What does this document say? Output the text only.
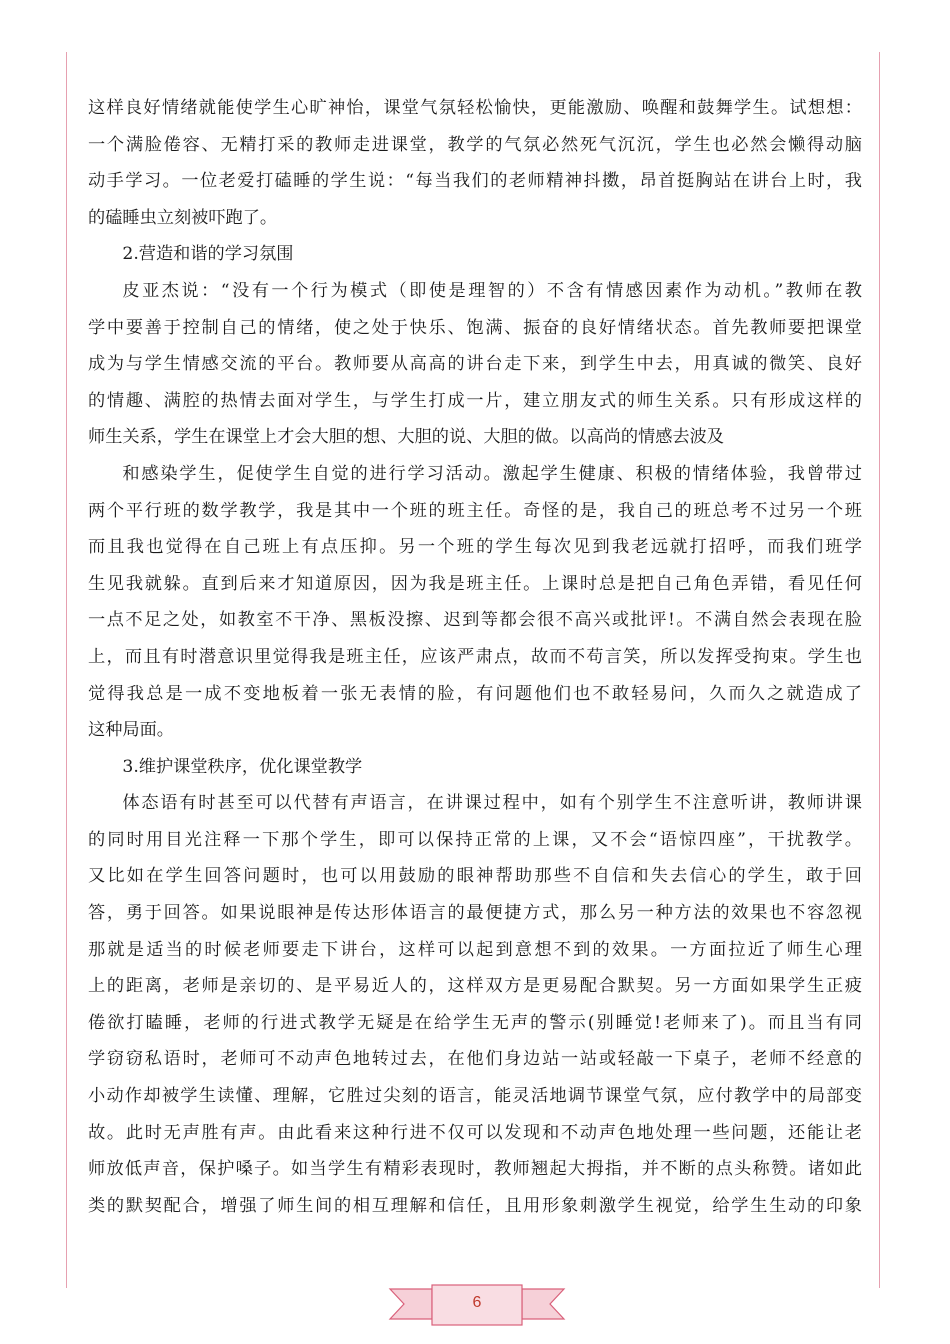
这样良好情绪就能使学生心旷神怡，课堂气氛轻松愉快，更能激励、唤醒和鼓舞学生。试想想：

一个满脸倦容、无精打采的教师走进课堂，教学的气氛必然死气沉沉，学生也必然会懒得动脑

动手学习。一位老爱打磕睡的学生说：“每当我们的老师精神抖擞，昂首挺胸站在讲台上时，我

的磕睡虫立刻被吓跑了。

2.营造和谐的学习氛围

皮亚杰说：“没有一个行为模式（即使是理智的）不含有情感因素作为动机。”教师在教

学中要善于控制自己的情绪，使之处于快乐、饱满、振奋的良好情绪状态。首先教师要把课堂

成为与学生情感交流的平台。教师要从高高的讲台走下来，到学生中去，用真诚的微笑、良好

的情趣、满腔的热情去面对学生，与学生打成一片，建立朋友式的师生关系。只有形成这样的

师生关系，学生在课堂上才会大胆的想、大胆的说、大胆的做。以高尚的情感去波及

和感染学生，促使学生自觉的进行学习活动。激起学生健康、积极的情绪体验，我曾带过

两个平行班的数学教学，我是其中一个班的班主任。奇怪的是，我自己的班总考不过另一个班

而且我也觉得在自己班上有点压抑。另一个班的学生每次见到我老远就打招呼，而我们班学

生见我就躲。直到后来才知道原因，因为我是班主任。上课时总是把自己角色弄错，看见任何

一点不足之处，如教室不干净、黑板没擦、迟到等都会很不高兴或批评!。不满自然会表现在脸

上，而且有时潜意识里觉得我是班主任，应该严肃点，故而不苟言笑，所以发挥受拘束。学生也

觉得我总是一成不变地板着一张无表情的脸，有问题他们也不敢轻易问，久而久之就造成了

这种局面。

3.维护课堂秩序，优化课堂教学

体态语有时甚至可以代替有声语言，在讲课过程中，如有个别学生不注意听讲，教师讲课

的同时用目光注释一下那个学生，即可以保持正常的上课，又不会“语惊四座”，干扰教学。

又比如在学生回答问题时，也可以用鼓励的眼神帮助那些不自信和失去信心的学生，敢于回

答，勇于回答。如果说眼神是传达形体语言的最便捷方式，那么另一种方法的效果也不容忽视

那就是适当的时候老师要走下讲台，这样可以起到意想不到的效果。一方面拉近了师生心理

上的距离，老师是亲切的、是平易近人的，这样双方是更易配合默契。另一方面如果学生正疲

倦欲打瞌睡，老师的行进式教学无疑是在给学生无声的警示(别睡觉!老师来了)。而且当有同

学窃窃私语时，老师可不动声色地转过去，在他们身边站一站或轻敲一下桌子，老师不经意的

小动作却被学生读懂、理解，它胜过尖刻的语言，能灵活地调节课堂气氛，应付教学中的局部变

故。此时无声胜有声。由此看来这种行进不仅可以发现和不动声色地处理一些问题，还能让老

师放低声音，保护嗓子。如当学生有精彩表现时，教师翘起大拇指，并不断的点头称赞。诸如此

类的默契配合，增强了师生间的相互理解和信任，且用形象刺激学生视觉，给学生生动的印象

6
